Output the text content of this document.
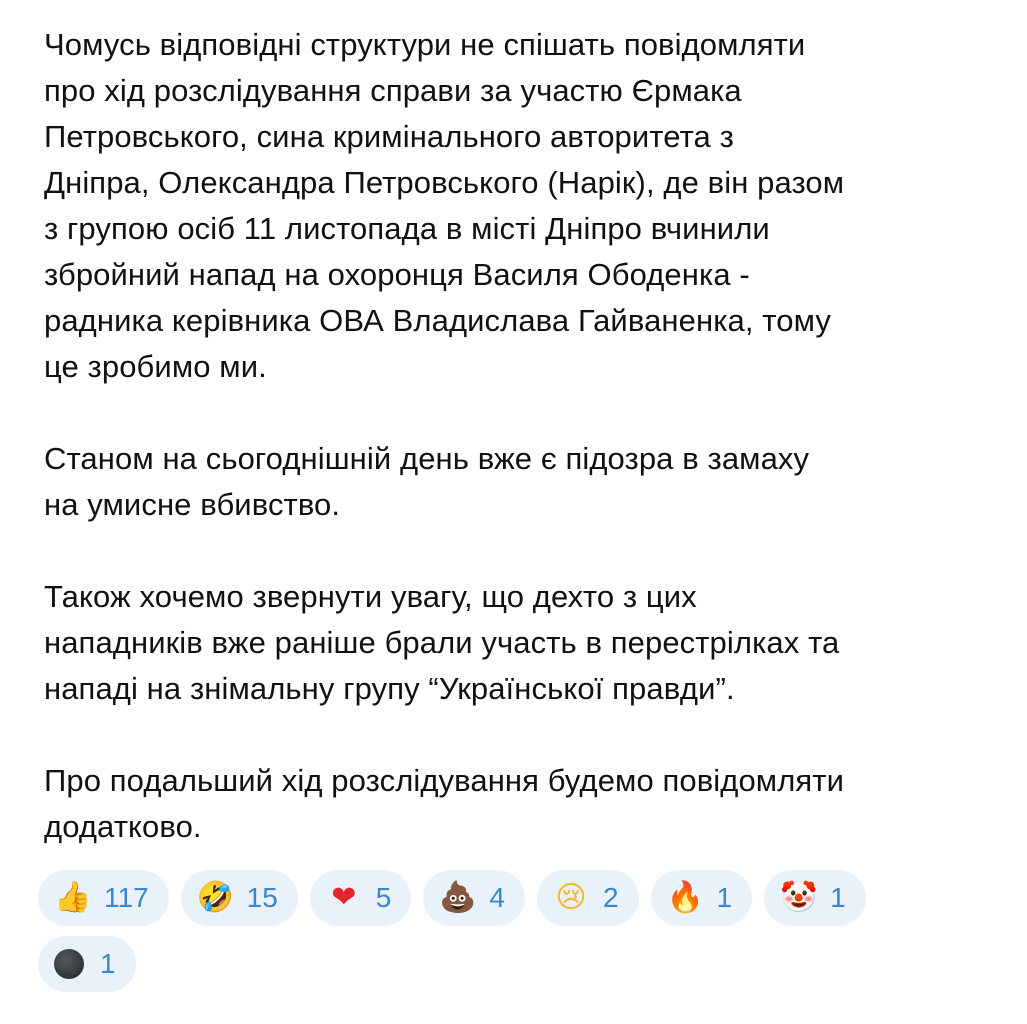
Чомусь відповідні структури не спішать повідомляти
про хід розслідування справи за участю Єрмака
Петровського, сина кримінального авторитета з
Дніпра, Олександра Петровського (Нарік), де він разом
з групою осіб 11 листопада в місті Дніпро вчинили
збройний напад на охоронця Василя Ободенка -
радника керівника ОВА Владислава Гайваненка, тому
це зробимо ми.

Станом на сьогоднішній день вже є підозра в замаху
на умисне вбивство.

Також хочемо звернути увагу, що дехто з цих
нападників вже раніше брали участь в перестрілках та
нападі на знімальну групу “Української правди”.

Про подальший хід розслідування будемо повідомляти
додатково.

👍 117 🤣 15 ❤ 5 💩 4 😢 2 🔥 1 🤡 1
1
